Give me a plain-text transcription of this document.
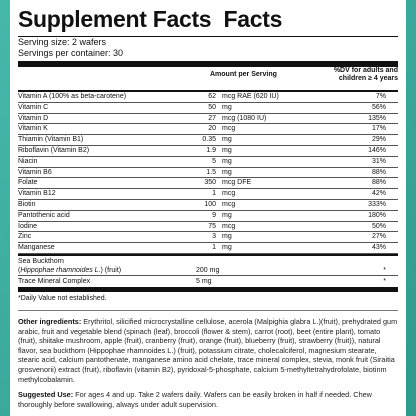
Supplement Facts Facts
Serving size: 2 wafers
Servings per container: 30
Amount per Serving
%DV for adults and
children ≥ 4 years
Vitamin A (100% as beta-carotene)	62 mcg RAE (620 IU)	7%
Vitamin C	50 mg	56%
Vitamin D	27 mcg (1080 IU)	135%
Vitamin K	20 mcg	17%
Thiamin (Vitamin B1)	0.35 mg	29%
Riboflavin (Vitamin B2)	1.9 mg	146%
Niacin	5 mg	31%
Vitamin B6	1.5 mg	88%
Folate	350 mcg DFE	88%
Vitamin B12	1 mcg	42%
Biotin	100 mcg	333%
Pantothenic acid	9 mg	180%
Iodine	75 mcg	50%
Zinc	3 mg	27%
Manganese	1 mg	43%
Sea Buckthorn
(Hippophae rhamnoides L.) (fruit)	200 mg	*
Trace Mineral Complex	5 mg	*
*Daily Value not established.
Other ingredients: Erythritol, silicified microcrystalline cellulose, acerola (Malpighia glabra L.)(fruit), prehydrated gum arabic, fruit and vegetable blend (spinach (leaf), broccoli (flower & stem), carrot (root), beet (entire plant), tomato (fruit), shiitake mushroom, apple (fruit), cranberry (fruit), orange (fruit), blueberry (fruit), strawberry (fruit)), natural flavor, sea buckthorn (Hippophae rhamnoides L.) (fruit), potassium citrate, cholecalciferol, magnesium stearate, stearic acid, calcium pantothenate, manganese amino acid chelate, trace mineral complex, stevia, monk fruit (Siraitia grosvenorii) extract (fruit), riboflavin (vitamin B2), pyridoxal-5-phosphate, calcium 5-methyltetrahydrofolate, biotinm methylcobalamin.
Suggested Use: For ages 4 and up. Take 2 wafers daily. Wafers can be easily broken in half if needed. Chew thoroughly before swallowing, always under adult supervision.
